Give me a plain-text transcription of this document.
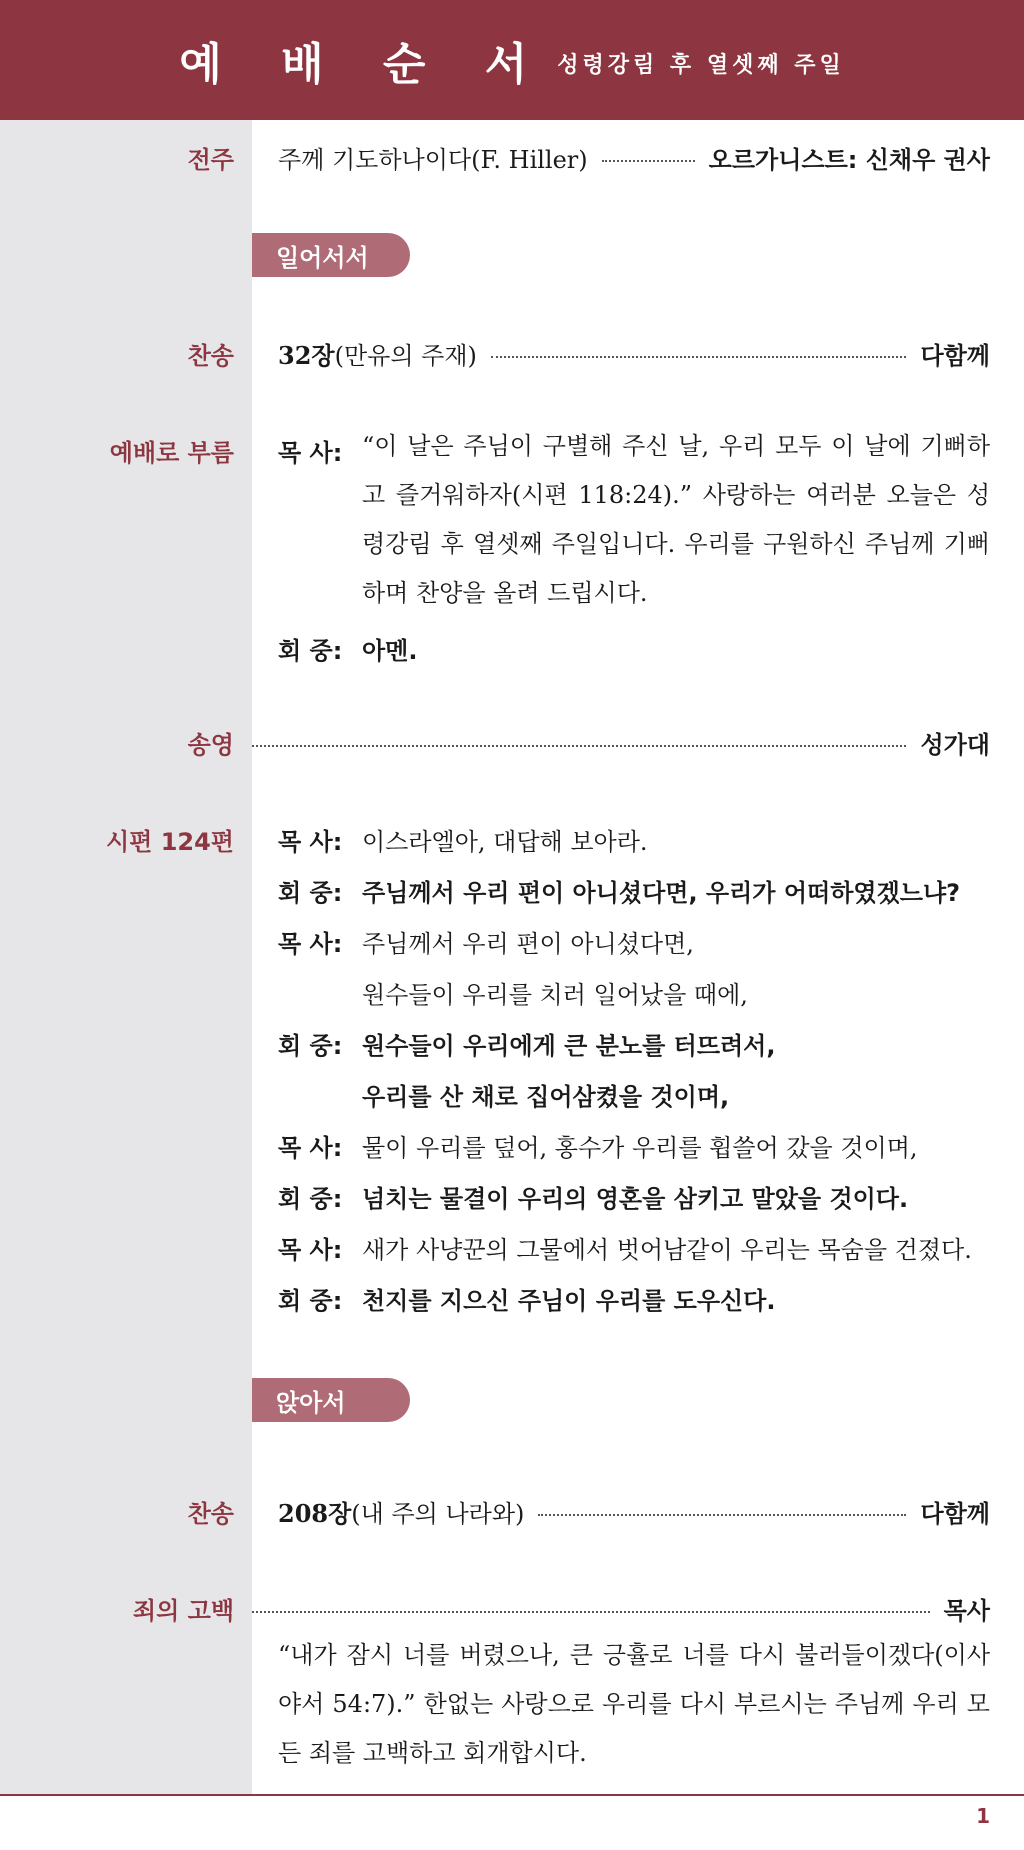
예 배 순 서 성령강림 후 열셋째 주일
전주 주께 기도하나이다(F. Hiller)	오르가니스트: 신채우 권사
일어서서
찬송 32장 (만유의 주재)	다함께
예배로 부름 목 사: “이 날은 주님이 구별해 주신 날, 우리 모두 이 날에 기뻐하고 즐거워하자(시편 118:24).” 사랑하는 여러분 오늘은 성령강림 후 열셋째 주일입니다. 우리를 구원하신 주님께 기뻐하며 찬양을 올려 드립시다.
회 중: 아멘.
송영	성가대
시편 124편 목 사: 이스라엘아, 대답해 보아라.
회 중: 주님께서 우리 편이 아니셨다면, 우리가 어떠하였겠느냐?
목 사: 주님께서 우리 편이 아니셨다면,
원수들이 우리를 치러 일어났을 때에,
회 중: 원수들이 우리에게 큰 분노를 터뜨려서,
우리를 산 채로 집어삼켰을 것이며,
목 사: 물이 우리를 덮어, 홍수가 우리를 휩쓸어 갔을 것이며,
회 중: 넘치는 물결이 우리의 영혼을 삼키고 말았을 것이다.
목 사: 새가 사냥꾼의 그물에서 벗어남같이 우리는 목숨을 건졌다.
회 중: 천지를 지으신 주님이 우리를 도우신다.
앉아서
찬송 208장 (내 주의 나라와)	다함께
죄의 고백	목사
“내가 잠시 너를 버렸으나, 큰 긍휼로 너를 다시 불러들이겠다(이사야서 54:7).” 한없는 사랑으로 우리를 다시 부르시는 주님께 우리 모든 죄를 고백하고 회개합시다.
1
